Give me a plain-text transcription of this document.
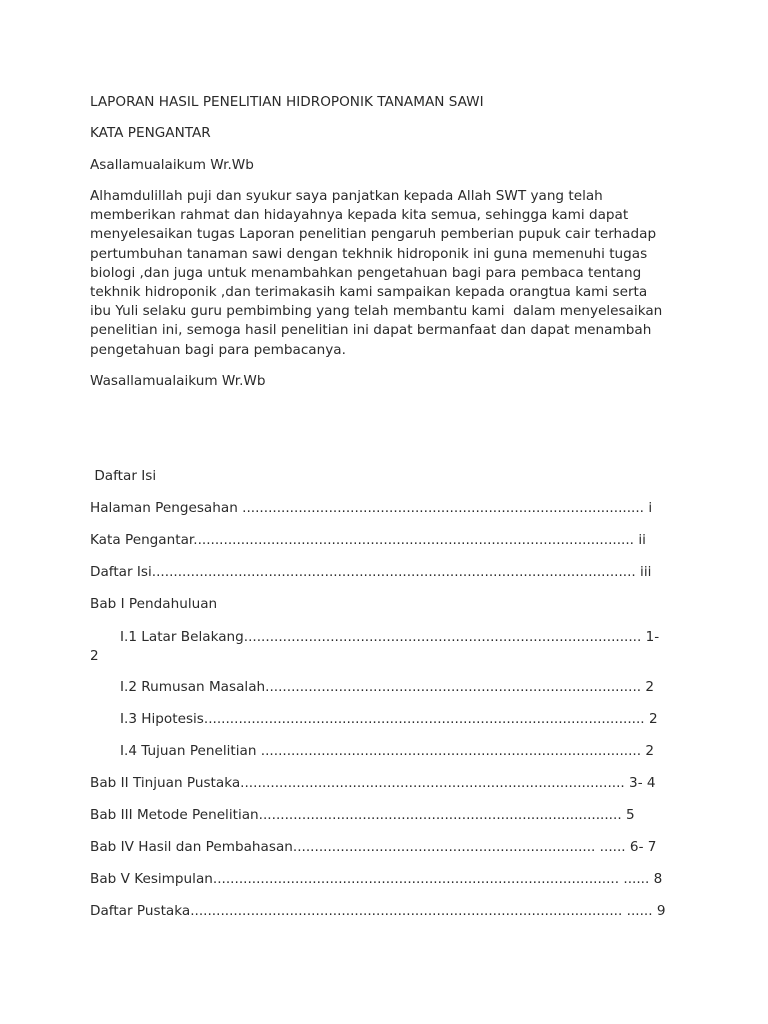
LAPORAN HASIL PENELITIAN HIDROPONIK TANAMAN SAWI
KATA PENGANTAR
Asallamualaikum Wr.Wb
Alhamdulillah puji dan syukur saya panjatkan kepada Allah SWT yang telah
memberikan rahmat dan hidayahnya kepada kita semua, sehingga kami dapat
menyelesaikan tugas Laporan penelitian pengaruh pemberian pupuk cair terhadap
pertumbuhan tanaman sawi dengan tekhnik hidroponik ini guna memenuhi tugas
biologi ,dan juga untuk menambahkan pengetahuan bagi para pembaca tentang
tekhnik hidroponik ,dan terimakasih kami sampaikan kepada orangtua kami serta
ibu Yuli selaku guru pembimbing yang telah membantu kami  dalam menyelesaikan
penelitian ini, semoga hasil penelitian ini dapat bermanfaat dan dapat menambah
pengetahuan bagi para pembacanya.
Wasallamualaikum Wr.Wb
Daftar Isi
Halaman Pengesahan ............................................................................................. i
Kata Pengantar...................................................................................................... ii
Daftar Isi................................................................................................................ iii
Bab I Pendahuluan
I.1 Latar Belakang............................................................................................ 1-
2
I.2 Rumusan Masalah....................................................................................... 2
I.3 Hipotesis...................................................................................................... 2
I.4 Tujuan Penelitian ........................................................................................ 2
Bab II Tinjuan Pustaka......................................................................................... 3- 4
Bab III Metode Penelitian.................................................................................... 5
Bab IV Hasil dan Pembahasan...................................................................... ...... 6- 7
Bab V Kesimpulan.............................................................................................. ...... 8
Daftar Pustaka.................................................................................................... ...... 9
